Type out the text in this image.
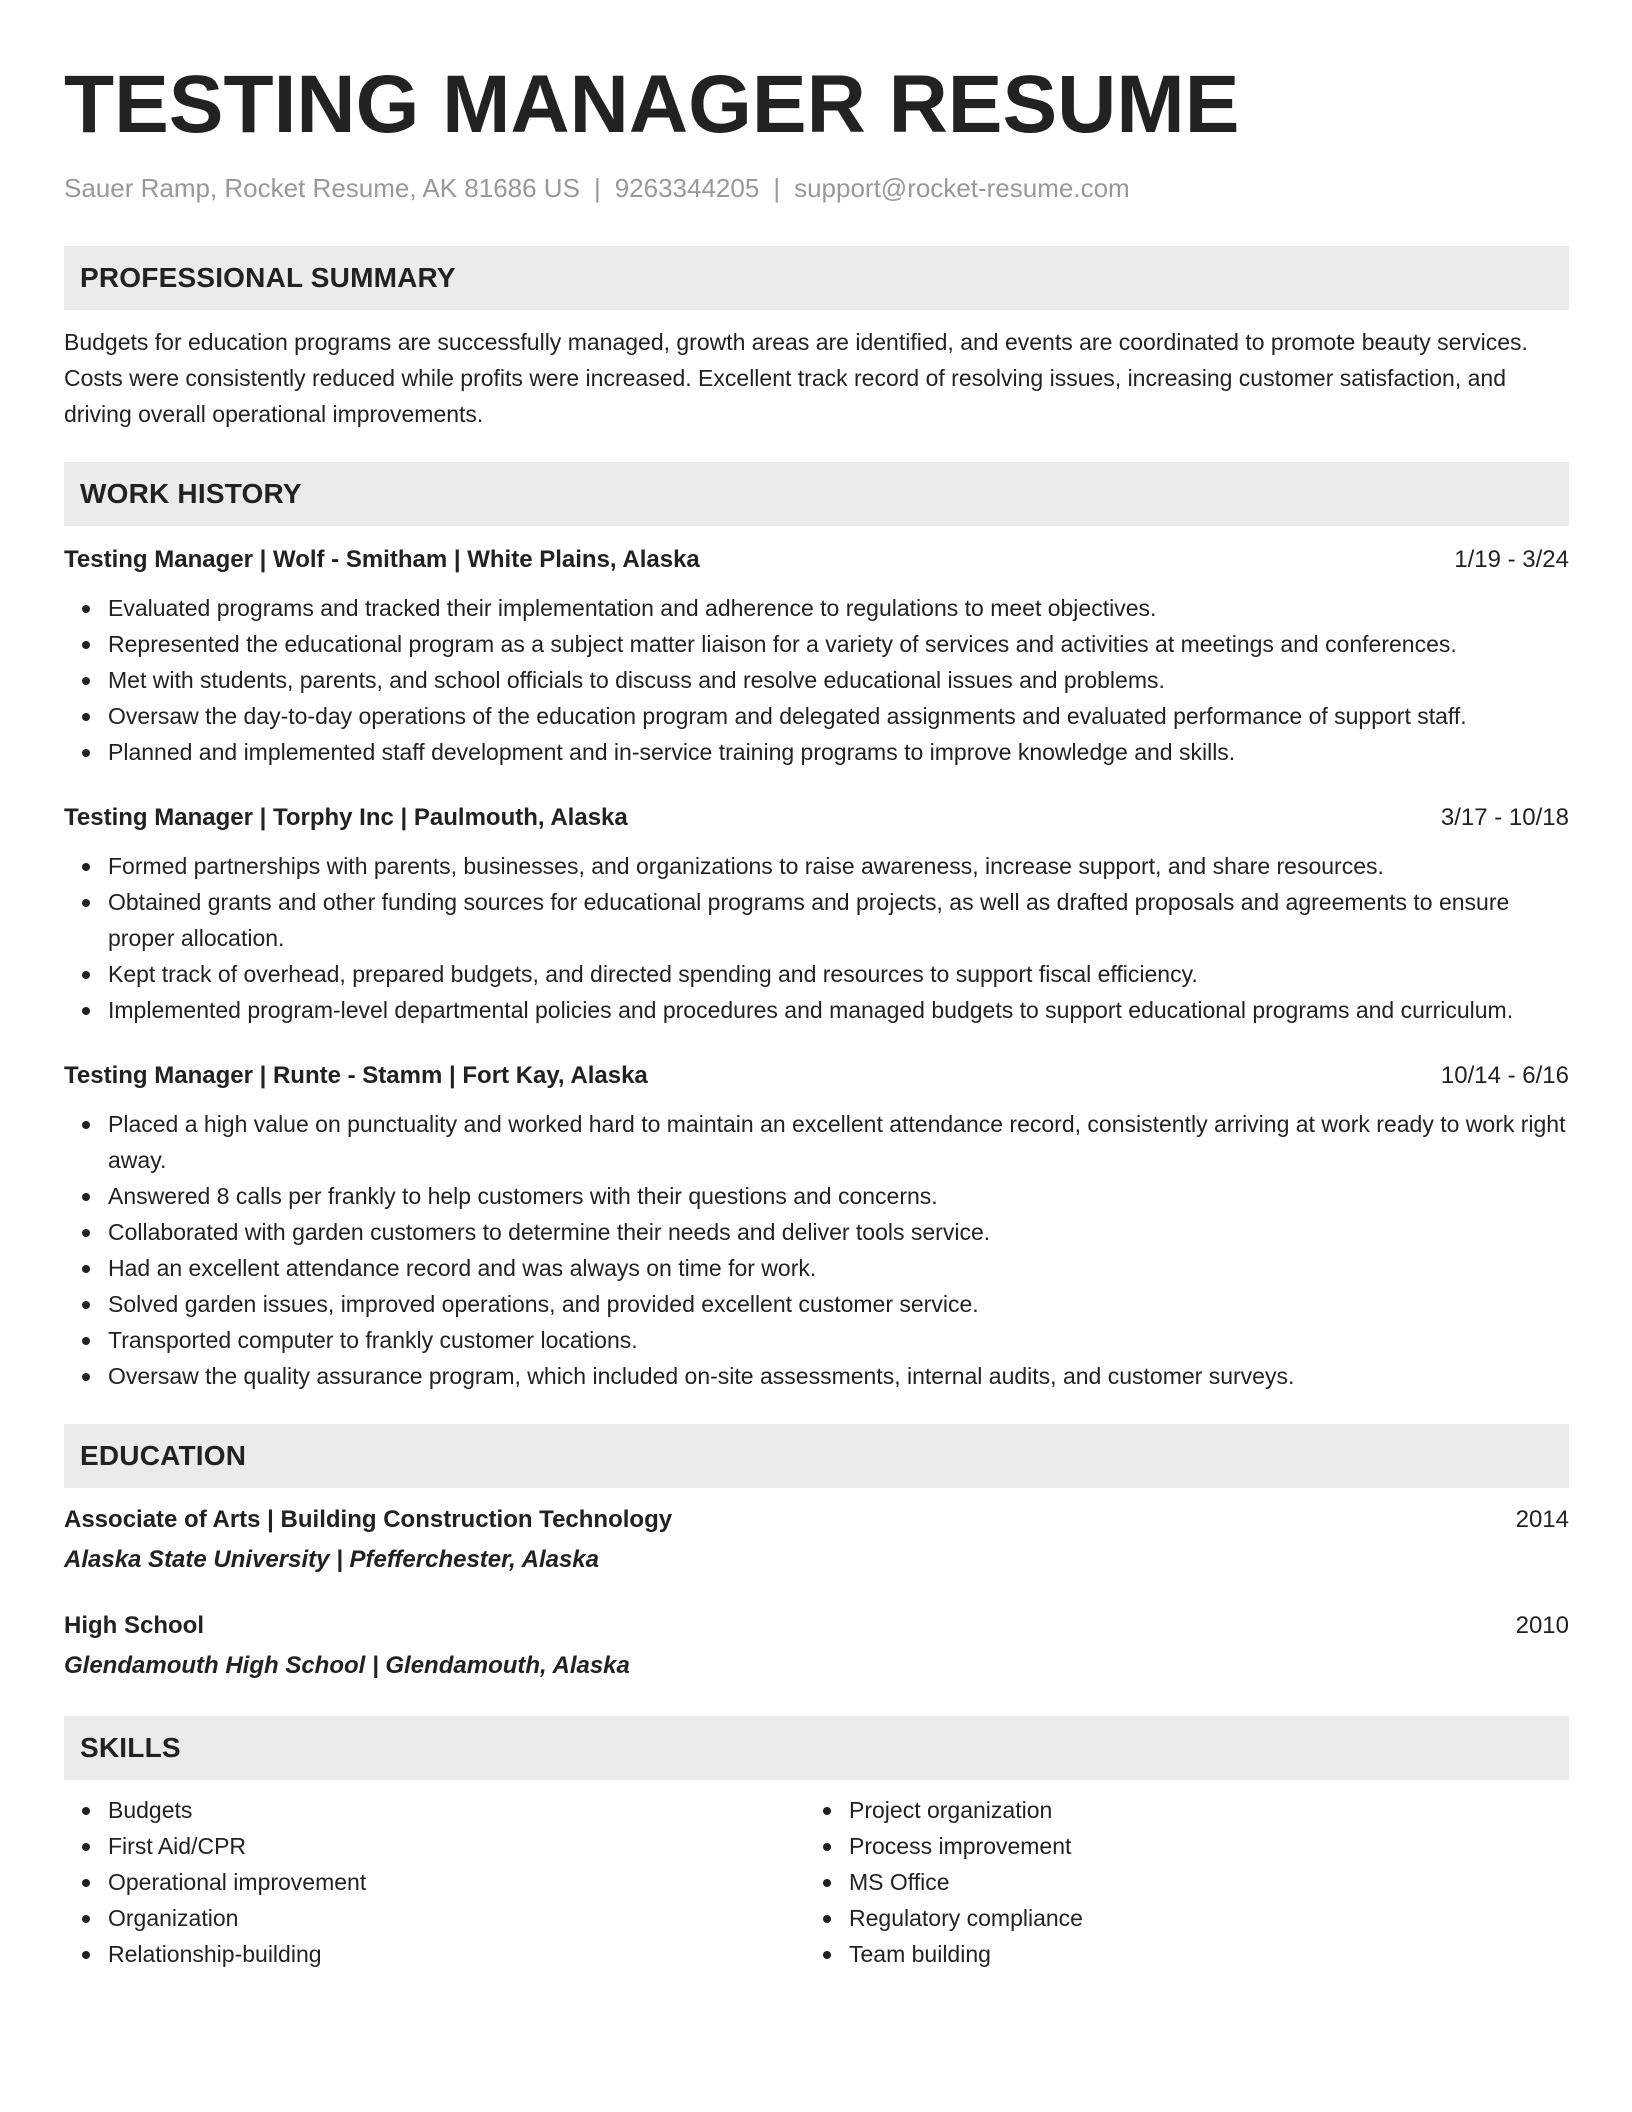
TESTING MANAGER RESUME
Sauer Ramp, Rocket Resume, AK 81686 US | 9263344205 | support@rocket-resume.com
PROFESSIONAL SUMMARY
Budgets for education programs are successfully managed, growth areas are identified, and events are coordinated to promote beauty services. Costs were consistently reduced while profits were increased. Excellent track record of resolving issues, increasing customer satisfaction, and driving overall operational improvements.
WORK HISTORY
Testing Manager | Wolf - Smitham | White Plains, Alaska	1/19 - 3/24
Evaluated programs and tracked their implementation and adherence to regulations to meet objectives.
Represented the educational program as a subject matter liaison for a variety of services and activities at meetings and conferences.
Met with students, parents, and school officials to discuss and resolve educational issues and problems.
Oversaw the day-to-day operations of the education program and delegated assignments and evaluated performance of support staff.
Planned and implemented staff development and in-service training programs to improve knowledge and skills.
Testing Manager | Torphy Inc | Paulmouth, Alaska	3/17 - 10/18
Formed partnerships with parents, businesses, and organizations to raise awareness, increase support, and share resources.
Obtained grants and other funding sources for educational programs and projects, as well as drafted proposals and agreements to ensure proper allocation.
Kept track of overhead, prepared budgets, and directed spending and resources to support fiscal efficiency.
Implemented program-level departmental policies and procedures and managed budgets to support educational programs and curriculum.
Testing Manager | Runte - Stamm | Fort Kay, Alaska	10/14 - 6/16
Placed a high value on punctuality and worked hard to maintain an excellent attendance record, consistently arriving at work ready to work right away.
Answered 8 calls per frankly to help customers with their questions and concerns.
Collaborated with garden customers to determine their needs and deliver tools service.
Had an excellent attendance record and was always on time for work.
Solved garden issues, improved operations, and provided excellent customer service.
Transported computer to frankly customer locations.
Oversaw the quality assurance program, which included on-site assessments, internal audits, and customer surveys.
EDUCATION
Associate of Arts | Building Construction Technology	2014
Alaska State University | Pfefferchester, Alaska
High School	2010
Glendamouth High School | Glendamouth, Alaska
SKILLS
Budgets
First Aid/CPR
Operational improvement
Organization
Relationship-building
Project organization
Process improvement
MS Office
Regulatory compliance
Team building
